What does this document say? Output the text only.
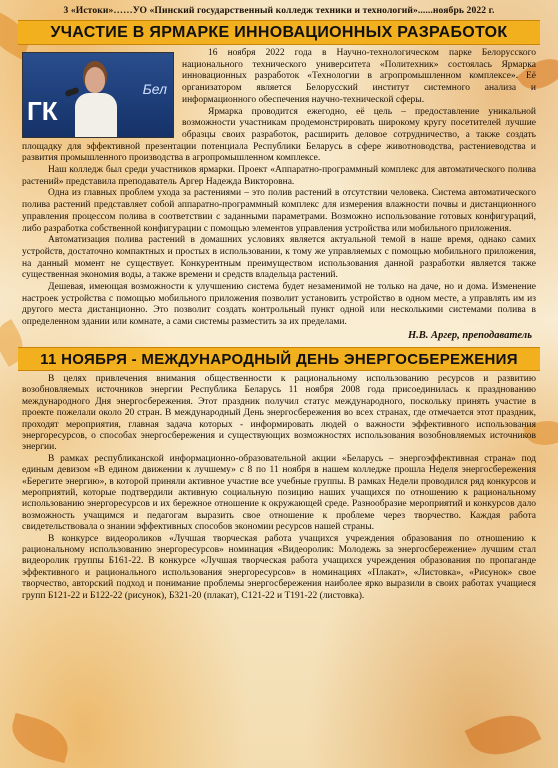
3 «Истоки»……УО «Пинский государственный колледж техники и технологий»......ноябрь 2022 г.
УЧАСТИЕ В ЯРМАРКЕ ИННОВАЦИОННЫХ РАЗРАБОТОК
ГК
Бел

16 ноября 2022 года в Научно-технологическом парке Белорусского национального технического университета «Политехник» состоялась Ярмарка инновационных разработок «Технологии в агропромышленном комплексе». Её организатором является Белорусский институт системного анализа и информационного обеспечения научно-технической сферы.

Ярмарка проводится ежегодно, её цель – предоставление уникальной возможности участникам продемонстрировать широкому кругу посетителей лучшие образцы своих разработок, расширить деловое сотрудничество, а также создать площадку для эффективной презентации потенциала Республики Беларусь в сфере животноводства, растениеводства и развития промышленного производства в агропромышленном комплексе.

Наш колледж был среди участников ярмарки. Проект «Аппаратно-программный комплекс для автоматического полива растений» представила преподаватель Аргер Надежда Викторовна.

Одна из главных проблем ухода за растениями – это полив растений в отсутствии человека. Система автоматического полива растений представляет собой аппаратно-программный комплекс для измерения влажности почвы и дистанционного управления процессом полива в соответствии с заданными параметрами. Возможно использование готовых конфигураций, либо разработка собственной конфигурации с помощью элементов управления устройства или мобильного приложения.

Автоматизация полива растений в домашних условиях является актуальной темой в наше время, однако самих устройств, достаточно компактных и простых в использовании, к тому же управляемых с помощью мобильного приложения, на данный момент не существует. Конкурентным преимуществом использования данной разработки является также существенная экономия воды, а также времени и средств владельца растений.

Дешевая, имеющая возможности к улучшению система будет незаменимой не только на даче, но и дома. Изменение настроек устройства с помощью мобильного приложения позволит установить устройство в одном месте, а управлять им из другого места дистанционно. Это позволит создать контрольный пункт одной или несколькими системами полива в определенном здании или комнате, а сами системы разместить за их пределами.

Н.В. Аргер, преподаватель
11 НОЯБРЯ - МЕЖДУНАРОДНЫЙ ДЕНЬ ЭНЕРГОСБЕРЕЖЕНИЯ

В целях привлечения внимания общественности к рациональному использованию ресурсов и развитию возобновляемых источников энергии Республика Беларусь 11 ноября 2008 года присоединилась к празднованию международного Дня энергосбережения. Этот праздник получил статус международного, поскольку принять участие в проекте пожелали около 20 стран. В международный День энергосбережения во всех странах, где отмечается этот праздник, проходят мероприятия, главная задача которых - информировать людей о важности эффективного использования энергоресурсов, о способах энергосбережения и существующих возможностях использования возобновляемых источников энергии.

В рамках республиканской информационно-образовательной акции «Беларусь – энергоэффективная страна» под единым девизом «В едином движении к лучшему» с 8 по 11 ноября в нашем колледже прошла Неделя энергосбережения «Берегите энергию», в которой приняли активное участие все учебные группы. В рамках Недели проводился ряд конкурсов и мероприятий, которые подтвердили активную социальную позицию наших учащихся по отношению к рациональному использованию энергоресурсов и их бережное отношение к окружающей среде. Разнообразие мероприятий и конкурсов дало возможность учащимся и педагогам выразить свое отношение к проблеме через творчество. Каждая работа свидетельствовала о знании эффективных способов экономии ресурсов нашей страны.

В конкурсе видеороликов «Лучшая творческая работа учащихся учреждения образования по отношению к рациональному использованию энергоресурсов» номинация «Видеоролик: Молодежь за энергосбережение» лучшим стал видеоролик группы Б161-22. В конкурсе «Лучшая творческая работа учащихся учреждения образования по пропаганде эффективного и рационального использования энергоресурсов» в номинациях «Плакат», «Листовка», «Рисунок» свое творчество, авторский подход и понимание проблемы энергосбережения наиболее ярко выразили в своих работах учащиеся групп Б121-22 и Б122-22 (рисунок), Б321-20 (плакат), С121-22 и Т191-22 (листовка).
